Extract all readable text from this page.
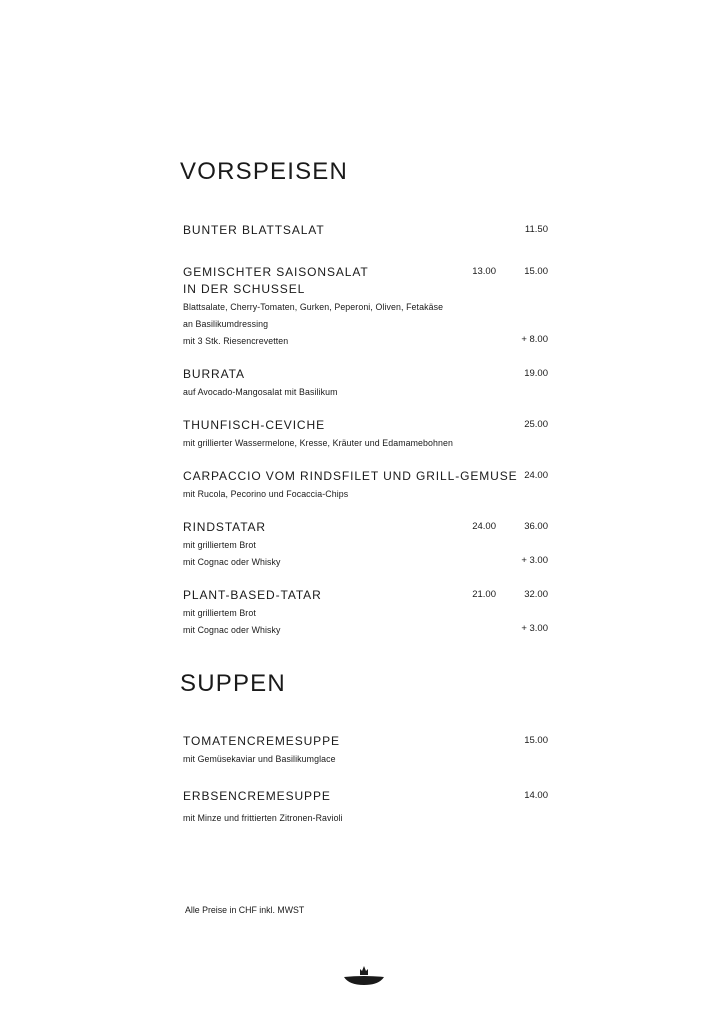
VORSPEISEN
BUNTER BLATTSALAT	11.50
GEMISCHTER SAISONSALAT	13.00	15.00
IN DER SCHUSSEL
Blattsalate, Cherry-Tomaten, Gurken, Peperoni, Oliven, Fetakäse
an Basilikumdressing
mit 3 Stk. Riesencrevetten	+ 8.00
BURRATA	19.00
auf Avocado-Mangosalat mit Basilikum
THUNFISCH-CEVICHE	25.00
mit grillierter Wassermelone, Kresse, Kräuter und Edamamebohnen
CARPACCIO VOM RINDSFILET UND GRILL-GEMUSE 24.00
mit Rucola, Pecorino und Focaccia-Chips
RINDSTATAR	24.00	36.00
mit grilliertem Brot
mit Cognac oder Whisky	+ 3.00
PLANT-BASED-TATAR	21.00	32.00
mit grilliertem Brot
mit Cognac oder Whisky	+ 3.00
SUPPEN
TOMATENCREMESUPPE	15.00
mit Gemüsekaviar und Basilikumglace
ERBSENCREMESUPPE	14.00
mit Minze und frittierten Zitronen-Ravioli
Alle Preise in CHF inkl. MWST
